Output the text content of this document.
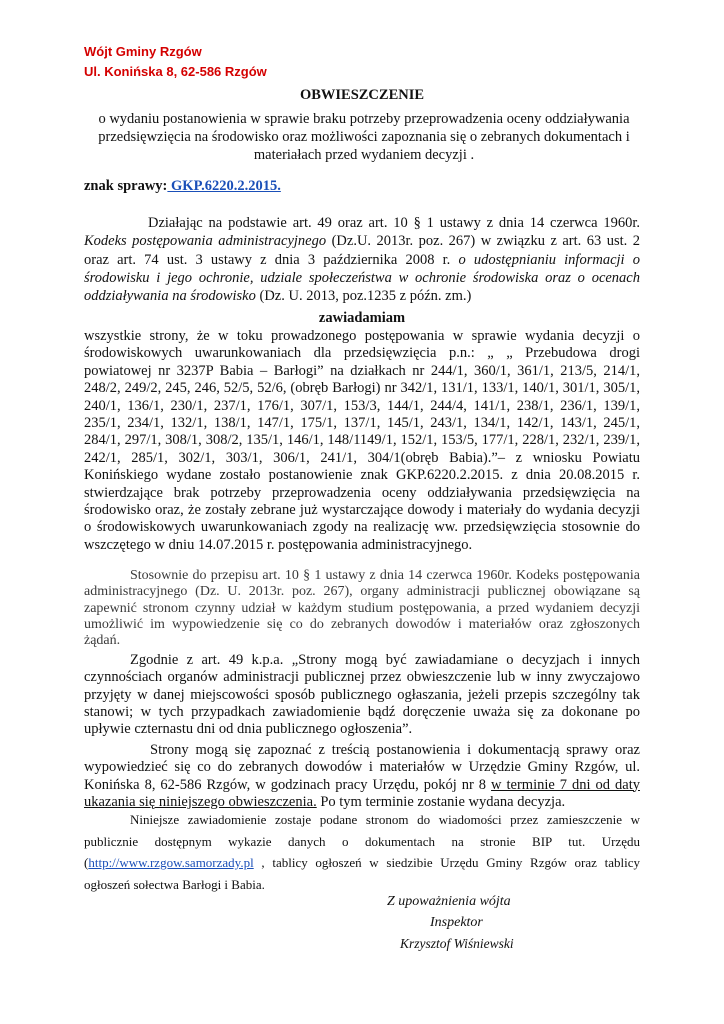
Wójt Gminy Rzgów
Ul. Konińska 8, 62-586 Rzgów
OBWIESZCZENIE
o wydaniu postanowienia w sprawie braku potrzeby przeprowadzenia oceny oddziaływania przedsięwzięcia na środowisko oraz możliwości zapoznania się o zebranych dokumentach i materiałach przed wydaniem decyzji .
znak sprawy: GKP.6220.2.2015.
Działając na podstawie art. 49 oraz art. 10 § 1 ustawy z dnia 14 czerwca 1960r. Kodeks postępowania administracyjnego (Dz.U. 2013r. poz. 267) w związku z art. 63 ust. 2 oraz art. 74 ust. 3 ustawy z dnia 3 października 2008 r. o udostępnianiu informacji o środowisku i jego ochronie, udziale społeczeństwa w ochronie środowiska oraz o ocenach oddziaływania na środowisko (Dz. U. 2013, poz.1235 z późn. zm.)
zawiadamiam
wszystkie strony, że w toku prowadzonego postępowania w sprawie wydania decyzji o środowiskowych uwarunkowaniach dla przedsięwzięcia p.n.: „ „ Przebudowa drogi powiatowej nr 3237P Babia – Barłogi” na działkach nr 244/1, 360/1, 361/1, 213/5, 214/1, 248/2, 249/2, 245, 246, 52/5, 52/6, (obręb Barłogi) nr 342/1, 131/1, 133/1, 140/1, 301/1, 305/1, 240/1, 136/1, 230/1, 237/1, 176/1, 307/1, 153/3, 144/1, 244/4, 141/1, 238/1, 236/1, 139/1, 235/1, 234/1, 132/1, 138/1, 147/1, 175/1, 137/1, 145/1, 243/1, 134/1, 142/1, 143/1, 245/1, 284/1, 297/1, 308/1, 308/2, 135/1, 146/1, 148/1149/1, 152/1, 153/5, 177/1, 228/1, 232/1, 239/1, 242/1, 285/1, 302/1, 303/1, 306/1, 241/1, 304/1(obręb Babia).”– z wniosku Powiatu Konińskiego wydane zostało postanowienie znak GKP.6220.2.2015. z dnia 20.08.2015 r. stwierdzające brak potrzeby przeprowadzenia oceny oddziaływania przedsięwzięcia na środowisko oraz, że zostały zebrane już wystarczające dowody i materiały do wydania decyzji o środowiskowych uwarunkowaniach zgody na realizację ww. przedsięwzięcia stosownie do wszczętego w dniu 14.07.2015 r. postępowania administracyjnego.
Stosownie do przepisu art. 10 § 1 ustawy z dnia 14 czerwca 1960r. Kodeks postępowania administracyjnego (Dz. U. 2013r. poz. 267), organy administracji publicznej obowiązane są zapewnić stronom czynny udział w każdym studium postępowania, a przed wydaniem decyzji umożliwić im wypowiedzenie się co do zebranych dowodów i materiałów oraz zgłoszonych żądań.
Zgodnie z art. 49 k.p.a. „Strony mogą być zawiadamiane o decyzjach i innych czynnościach organów administracji publicznej przez obwieszczenie lub w inny zwyczajowo przyjęty w danej miejscowości sposób publicznego ogłaszania, jeżeli przepis szczególny tak stanowi; w tych przypadkach zawiadomienie bądź doręczenie uważa się za dokonane po upływie czternastu dni od dnia publicznego ogłoszenia”.
Strony mogą się zapoznać z treścią postanowienia i dokumentacją sprawy oraz wypowiedzieć się co do zebranych dowodów i materiałów w Urzędzie Gminy Rzgów, ul. Konińska 8, 62-586 Rzgów, w godzinach pracy Urzędu, pokój nr 8 w terminie 7 dni od daty ukazania się niniejszego obwieszczenia. Po tym terminie zostanie wydana decyzja.
Niniejsze zawiadomienie zostaje podane stronom do wiadomości przez zamieszczenie w publicznie dostępnym wykazie danych o dokumentach na stronie BIP tut. Urzędu (http://www.rzgow.samorzady.pl , tablicy ogłoszeń w siedzibie Urzędu Gminy Rzgów oraz tablicy ogłoszeń sołectwa Barłogi i Babia.
Z upoważnienia wójta
Inspektor
Krzysztof Wiśniewski
